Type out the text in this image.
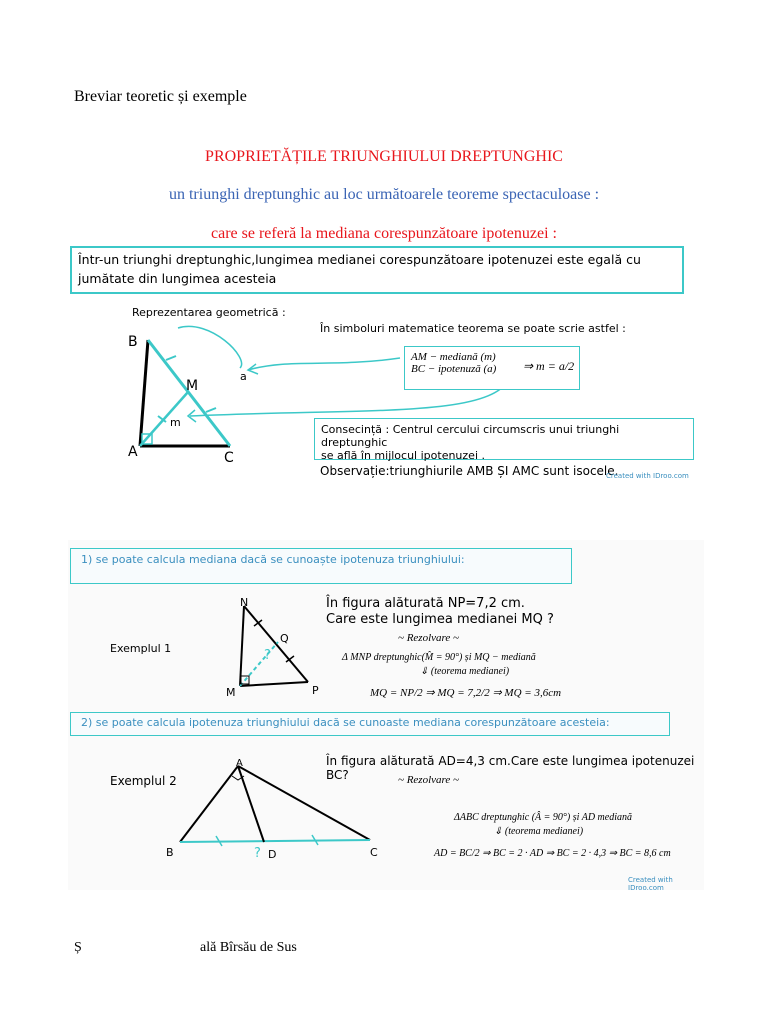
Breviar teoretic și exemple
PROPRIETĂȚILE TRIUNGHIULUI DREPTUNGHIC
un triunghi dreptunghic au loc următoarele teoreme spectaculoase :
care se referă la mediana corespunzătoare ipotenuzei :
Într-un triunghi dreptunghic,lungimea medianei corespunzătoare ipotenuzei este egală cu
jumătate din lungimea acesteia
Reprezentarea geometrică :
În simboluri matematice teorema se poate scrie astfel :
B
M
A	C
a
m
AM − mediană (m)
BC − ipotenuză (a)	⇒ m = a/2
Consecință : Centrul cercului circumscris unui triunghi dreptunghic
se află în mijlocul ipotenuzei .
Observație:triunghiurile AMB ȘI AMC sunt isocele.
Created with IDroo.com
1) se poate calcula mediana dacă se cunoaște ipotenuza triunghiului:
Exemplul 1
N
Q
M	P
?
În figura alăturată NP=7,2 cm.
Care este lungimea medianei MQ ?
~ Rezolvare ~
Δ MNP dreptunghic(M̂ = 90°) și MQ − mediană
⇓ (teorema medianei)
MQ = NP/2 ⇒ MQ = 7,2/2 ⇒ MQ = 3,6cm
2) se poate calcula ipotenuza triunghiului dacă se cunoaste mediana corespunzătoare acesteia:
Exemplul 2
A
B	D	C
?
În figura alăturată AD=4,3 cm.Care este lungimea ipotenuzei BC?	~ Rezolvare ~
ΔABC dreptunghic (Â = 90°) și AD mediană
⇓ (teorema medianei)
AD = BC/2 ⇒ BC = 2 · AD ⇒ BC = 2 · 4,3 ⇒ BC = 8,6 cm
Created with IDroo.com
Ș	ală Bîrsău de Sus
